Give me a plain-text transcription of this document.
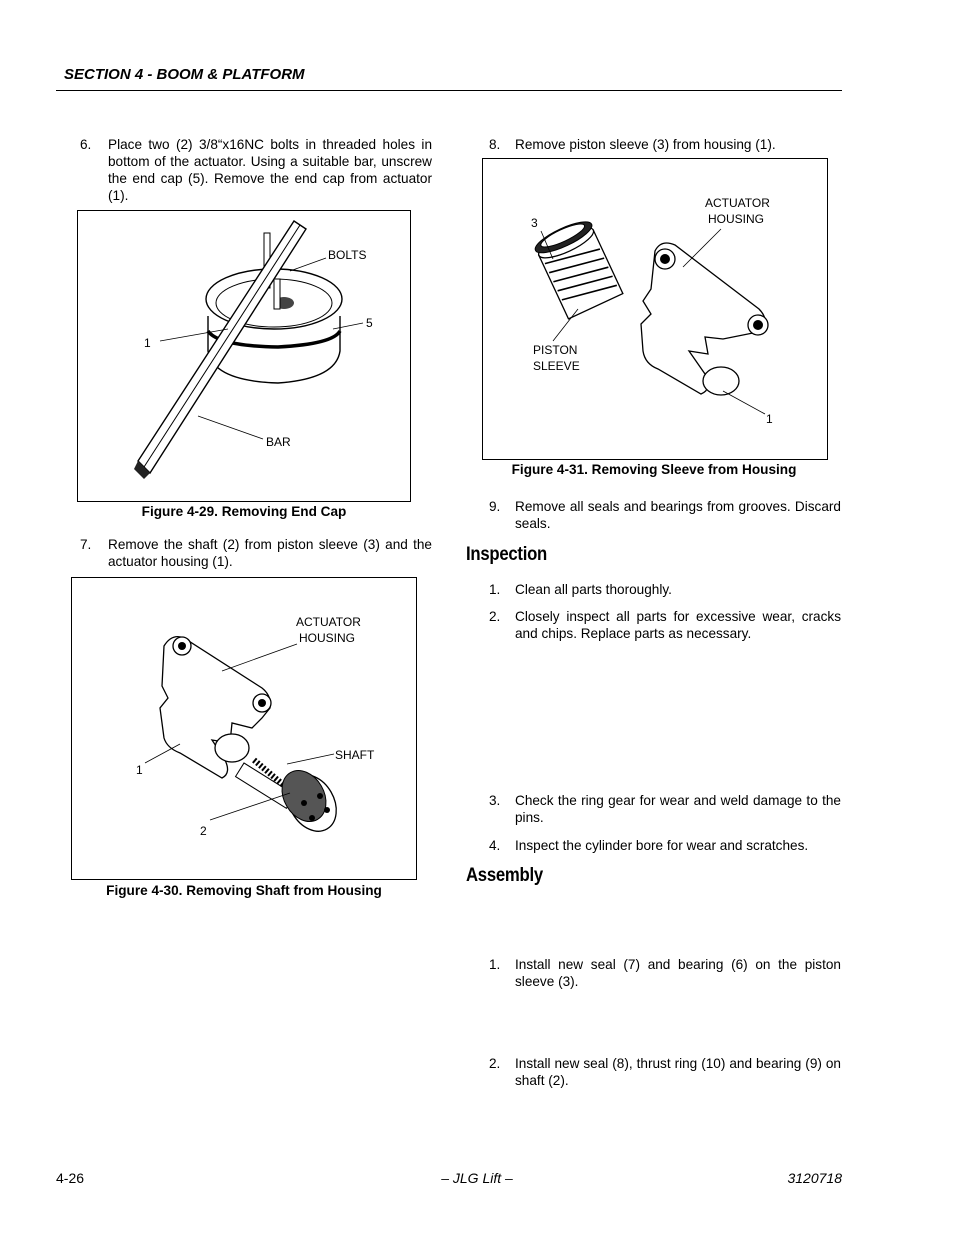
SECTION 4 - BOOM & PLATFORM
6. Place two (2) 3/8“x16NC bolts in threaded holes in bottom of the actuator. Using a suitable bar, unscrew the end cap (5). Remove the end cap from actuator (1).
BOLTS
5
1
BAR
Figure 4-29. Removing End Cap
7. Remove the shaft (2) from piston sleeve (3) and the actuator housing (1).
ACTUATOR
HOUSING
SHAFT
1
2
Figure 4-30. Removing Shaft from Housing
8. Remove piston sleeve (3) from housing (1).
3
ACTUATOR
HOUSING
PISTON
SLEEVE
1
Figure 4-31. Removing Sleeve from Housing
9. Remove all seals and bearings from grooves. Discard seals.
Inspection
1. Clean all parts thoroughly.
2. Closely inspect all parts for excessive wear, cracks and chips. Replace parts as necessary.
3. Check the ring gear for wear and weld damage to the pins.
4. Inspect the cylinder bore for wear and scratches.
Assembly
1. Install new seal (7) and bearing (6) on the piston sleeve (3).
2. Install new seal (8), thrust ring (10) and bearing (9) on shaft (2).
4-26	– JLG Lift –	3120718
